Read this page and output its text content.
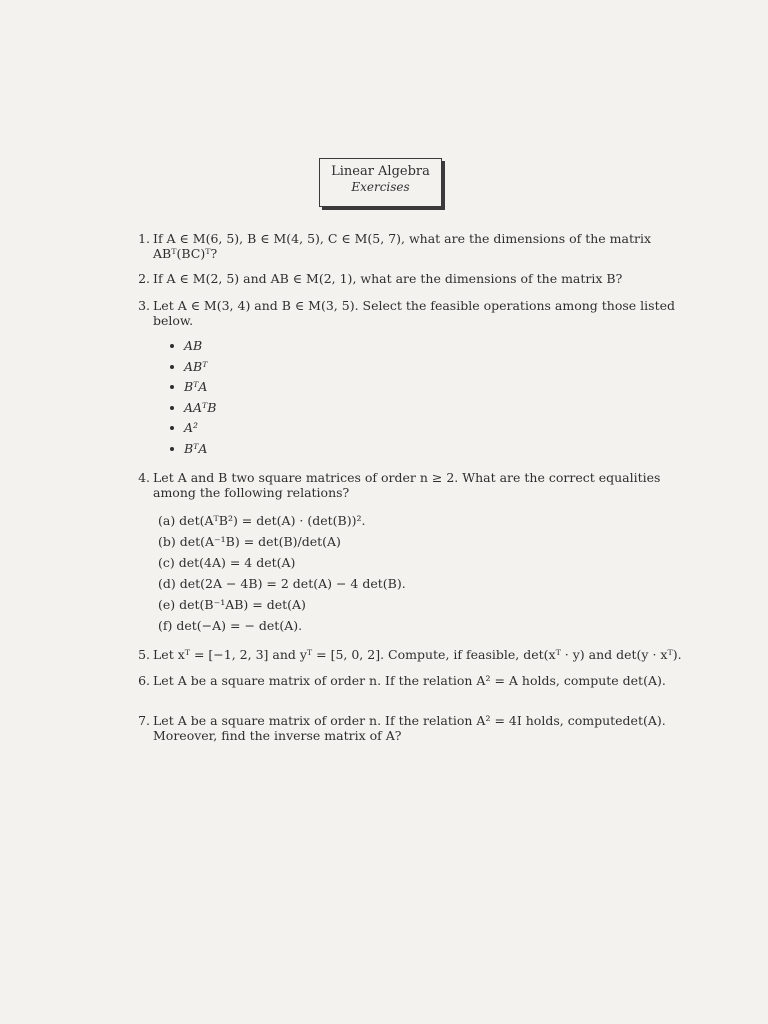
Linear Algebra
Exercises
1. If A ∈ M(6, 5), B ∈ M(4, 5), C ∈ M(5, 7), what are the dimensions of the matrix
ABᵀ(BC)ᵀ?
2. If A ∈ M(2, 5) and AB ∈ M(2, 1), what are the dimensions of the matrix B?
3. Let A ∈ M(3, 4) and B ∈ M(3, 5). Select the feasible operations among those listed
below.
AB
ABᵀ
BᵀA
AAᵀB
A²
BᵀA
4. Let A and B two square matrices of order n ≥ 2. What are the correct equalities
among the following relations?
(a) det(AᵀB²) = det(A) · (det(B))².
(b) det(A⁻¹B) = det(B)/det(A)
(c) det(4A) = 4 det(A)
(d) det(2A − 4B) = 2 det(A) − 4 det(B).
(e) det(B⁻¹AB) = det(A)
(f) det(−A) = − det(A).
5. Let xᵀ = [−1, 2, 3] and yᵀ = [5, 0, 2]. Compute, if feasible, det(xᵀ · y) and det(y · xᵀ).
6. Let A be a square matrix of order n. If the relation A² = A holds, compute det(A).
7. Let A be a square matrix of order n. If the relation A² = 4I holds, computedet(A).
Moreover, find the inverse matrix of A?
